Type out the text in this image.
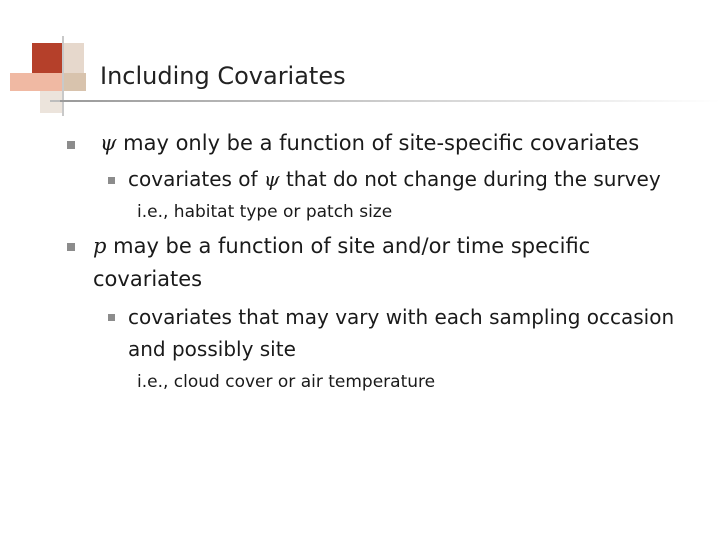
Including Covariates
ψ may only be a function of site-specific covariates
covariates of ψ that do not change during the survey
i.e., habitat type or patch size
p may be a function of site and/or time specific
covariates
covariates that may vary with each sampling occasion
and possibly site
i.e., cloud cover or air temperature
